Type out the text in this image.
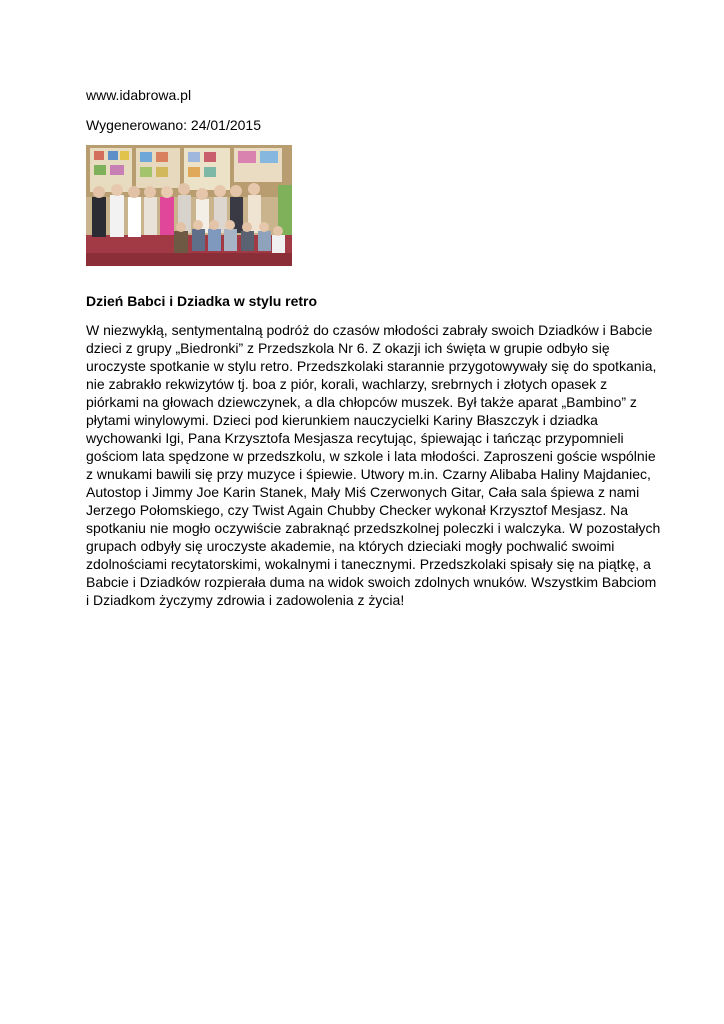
www.idabrowa.pl
Wygenerowano: 24/01/2015
Dzień Babci i Dziadka w stylu retro
W niezwykłą, sentymentalną podróż do czasów młodości zabrały swoich Dziadków i Babcie
dzieci z grupy „Biedronki” z Przedszkola Nr 6. Z okazji ich święta w grupie odbyło się
uroczyste spotkanie w stylu retro. Przedszkolaki starannie przygotowywały się do spotkania,
nie zabrakło rekwizytów tj. boa z piór, korali, wachlarzy, srebrnych i złotych opasek z
piórkami na głowach dziewczynek, a dla chłopców muszek. Był także aparat „Bambino” z
płytami winylowymi. Dzieci pod kierunkiem nauczycielki Kariny Błaszczyk i dziadka
wychowanki Igi, Pana Krzysztofa Mesjasza recytując, śpiewając i tańcząc przypomnieli
gościom lata spędzone w przedszkolu, w szkole i lata młodości. Zaproszeni goście wspólnie
z wnukami bawili się przy muzyce i śpiewie. Utwory m.in. Czarny Alibaba Haliny Majdaniec,
Autostop i Jimmy Joe Karin Stanek, Mały Miś Czerwonych Gitar, Cała sala śpiewa z nami
Jerzego Połomskiego, czy Twist Again Chubby Checker wykonał Krzysztof Mesjasz. Na
spotkaniu nie mogło oczywiście zabraknąć przedszkolnej poleczki i walczyka. W pozostałych
grupach odbyły się uroczyste akademie, na których dzieciaki mogły pochwalić swoimi
zdolnościami recytatorskimi, wokalnymi i tanecznymi. Przedszkolaki spisały się na piątkę, a
Babcie i Dziadków rozpierała duma na widok swoich zdolnych wnuków. Wszystkim Babciom
i Dziadkom życzymy zdrowia i zadowolenia z życia!
